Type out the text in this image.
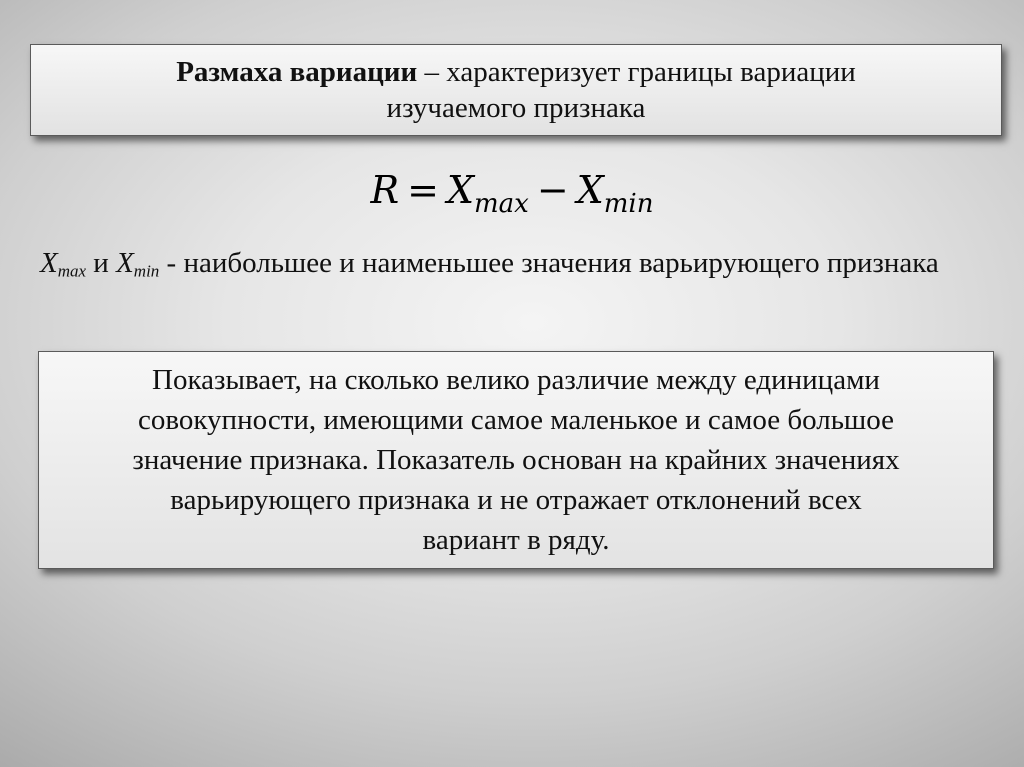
Размаха вариации – характеризует границы вариации
изучаемого признака
$R = X_{max} - X_{min}$
$X_{max}$ и $X_{min}$ - наибольшее и наименьшее значения варьирующего признака
Показывает, на сколько велико различие между единицами
совокупности, имеющими самое маленькое и самое большое
значение признака. Показатель основан на крайних значениях
варьирующего признака и не отражает отклонений всех
вариант в ряду.
